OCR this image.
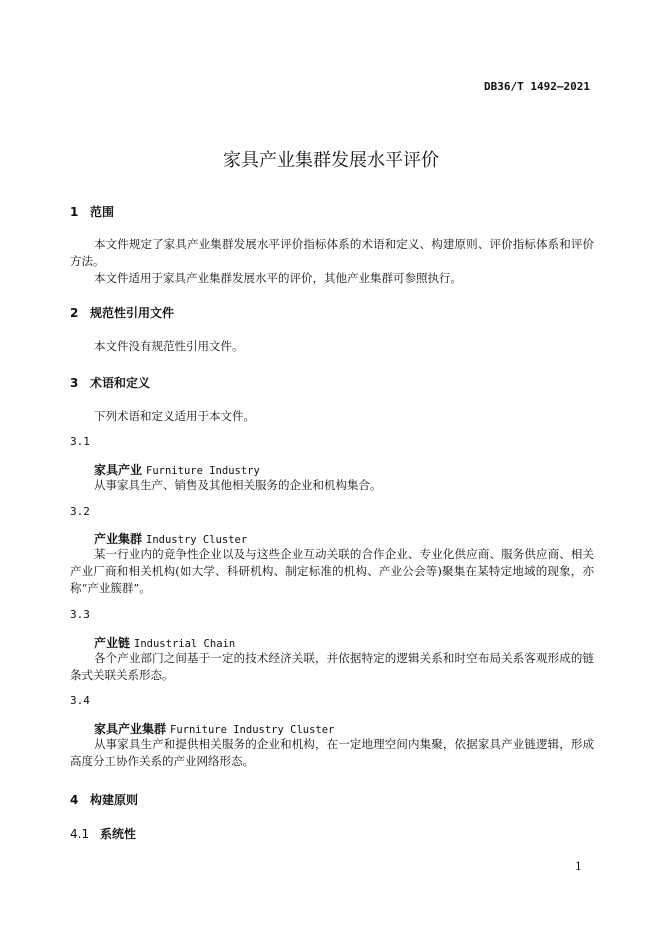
DB36/T 1492—2021
家具产业集群发展水平评价
1 范围
本文件规定了家具产业集群发展水平评价指标体系的术语和定义、构建原则、评价指标体系和评价方法。
本文件适用于家具产业集群发展水平的评价，其他产业集群可参照执行。
2 规范性引用文件
本文件没有规范性引用文件。
3 术语和定义
下列术语和定义适用于本文件。
3.1
家具产业 Furniture Industry
从事家具生产、销售及其他相关服务的企业和机构集合。
3.2
产业集群 Industry Cluster
某一行业内的竞争性企业以及与这些企业互动关联的合作企业、专业化供应商、服务供应商、相关产业厂商和相关机构(如大学、科研机构、制定标准的机构、产业公会等)聚集在某特定地域的现象，亦称“产业簇群”。
3.3
产业链 Industrial Chain
各个产业部门之间基于一定的技术经济关联，并依据特定的逻辑关系和时空布局关系客观形成的链条式关联关系形态。
3.4
家具产业集群 Furniture Industry Cluster
从事家具生产和提供相关服务的企业和机构，在一定地理空间内集聚，依据家具产业链逻辑，形成高度分工协作关系的产业网络形态。
4 构建原则
4.1 系统性
1
